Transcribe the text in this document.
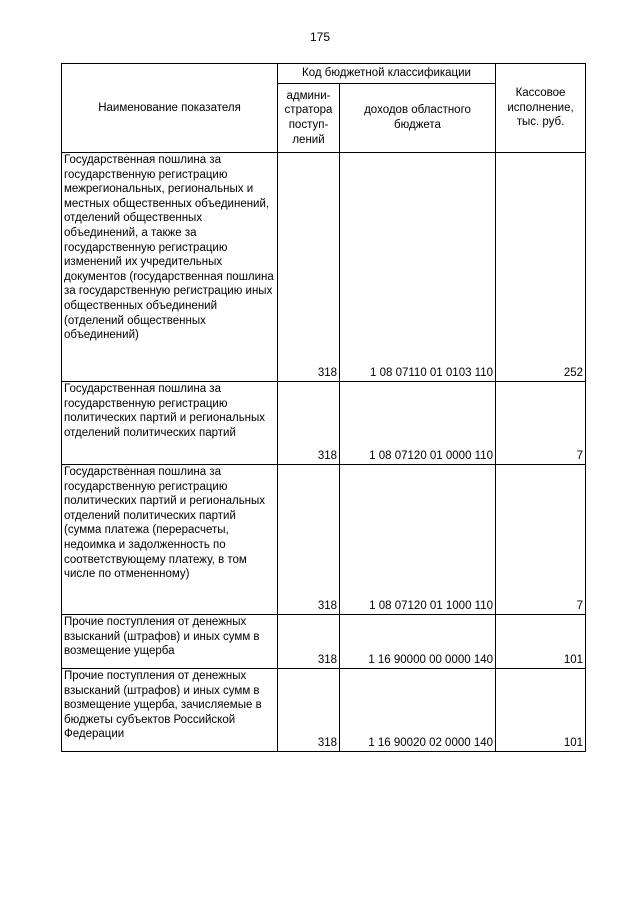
175
Наименование показателя	Код бюджетной классификации		Кассовое исполнение, тыс. руб.
	админи-стратора поступ-лений	доходов областного бюджета	
Государственная пошлина за государственную регистрацию межрегиональных, региональных и местных общественных объединений, отделений общественных объединений, а также за государственную регистрацию изменений их учредительных документов (государственная пошлина за государственную регистрацию иных общественных объединений (отделений общественных объединений)	318	1 08 07110 01 0103 110	252
Государственная пошлина за государственную регистрацию политических партий и региональных отделений политических партий	318	1 08 07120 01 0000 110	7
Государственная пошлина за государственную регистрацию политических партий и региональных отделений политических партий (сумма платежа (перерасчеты, недоимка и задолженность по соответствующему платежу, в том числе по отмененному)	318	1 08 07120 01 1000 110	7
Прочие поступления от денежных взысканий (штрафов) и иных сумм в возмещение ущерба	318	1 16 90000 00 0000 140	101
Прочие поступления от денежных взысканий (штрафов) и иных сумм в возмещение ущерба, зачисляемые в бюджеты субъектов Российской Федерации	318	1 16 90020 02 0000 140	101
